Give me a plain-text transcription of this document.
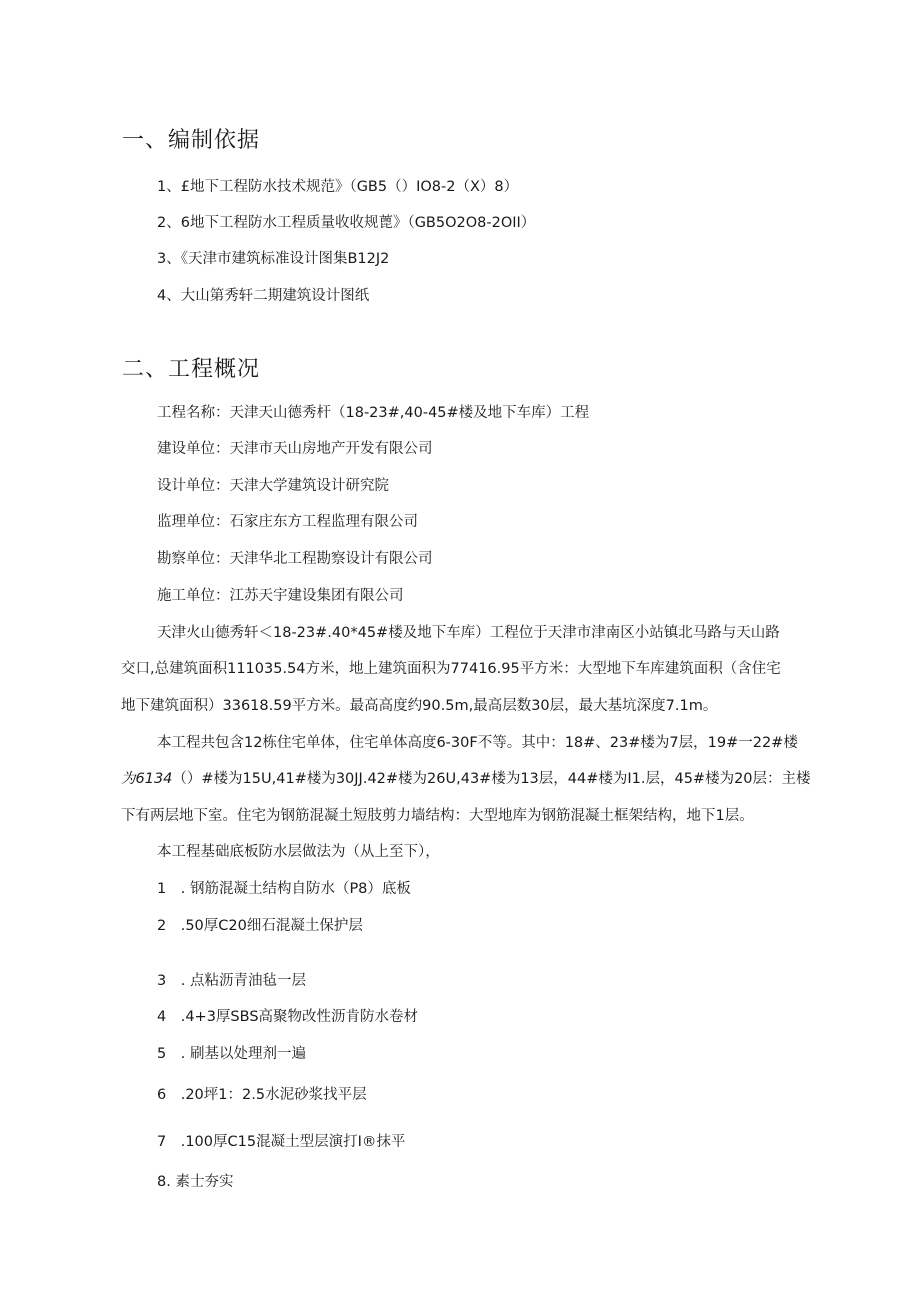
一、编制依据
1、£地下工程防水技术规范》（GB5（）IO8-2（X）8）
2、6地下工程防水工程质量收收规蓖》（GB5O2O8-2OII）
3、《天津市建筑标准设计图集B12J2
4、大山第秀轩二期建筑设计图纸
二、工程概况
工程名称：天津天山德秀杆（18-23#,40-45#楼及地下车库）工程
建设单位：天津市天山房地产开发有限公司
设计单位：天津大学建筑设计研究院
监理单位：石家庄东方工程监理有限公司
勘察单位：天津华北工程勘察设计有限公司
施工单位：江苏天宇建设集团有限公司
天津火山德秀轩＜18-23#.40*45#楼及地下车库）工程位于天津市津南区小站镇北马路与天山路
交口,总建筑面积111035.54方米，地上建筑面积为77416.95平方米：大型地下车库建筑面积（含住宅
地下建筑面积）33618.59平方米。最高高度约90.5m,最高层数30层，最大基坑深度7.1m。
本工程共包含12栋住宅单体，住宅单体高度6-30F不等。其中：18#、23#楼为7层，19#一22#楼
为6134（）#楼为15U,41#楼为30JJ.42#楼为26U,43#楼为13层，44#楼为I1.层，45#楼为20层：主楼
下有两层地下室。住宅为钢筋混凝土短肢剪力墙结构：大型地库为钢筋混凝土框架结构，地下1层。
本工程基础底板防水层做法为（从上至下），
1　. 钢筋混凝土结构自防水（P8）底板
2　.50厚C20细石混凝土保护层
3　. 点粘沥青油毡一层
4　.4+3厚SBS高聚物改性沥肯防水卷材
5　. 刷基以处理剂一遍
6　.20坪1：2.5水泥砂浆找平层
7　.100厚C15混凝土型层演打I®抹平
8. 素士夯实
